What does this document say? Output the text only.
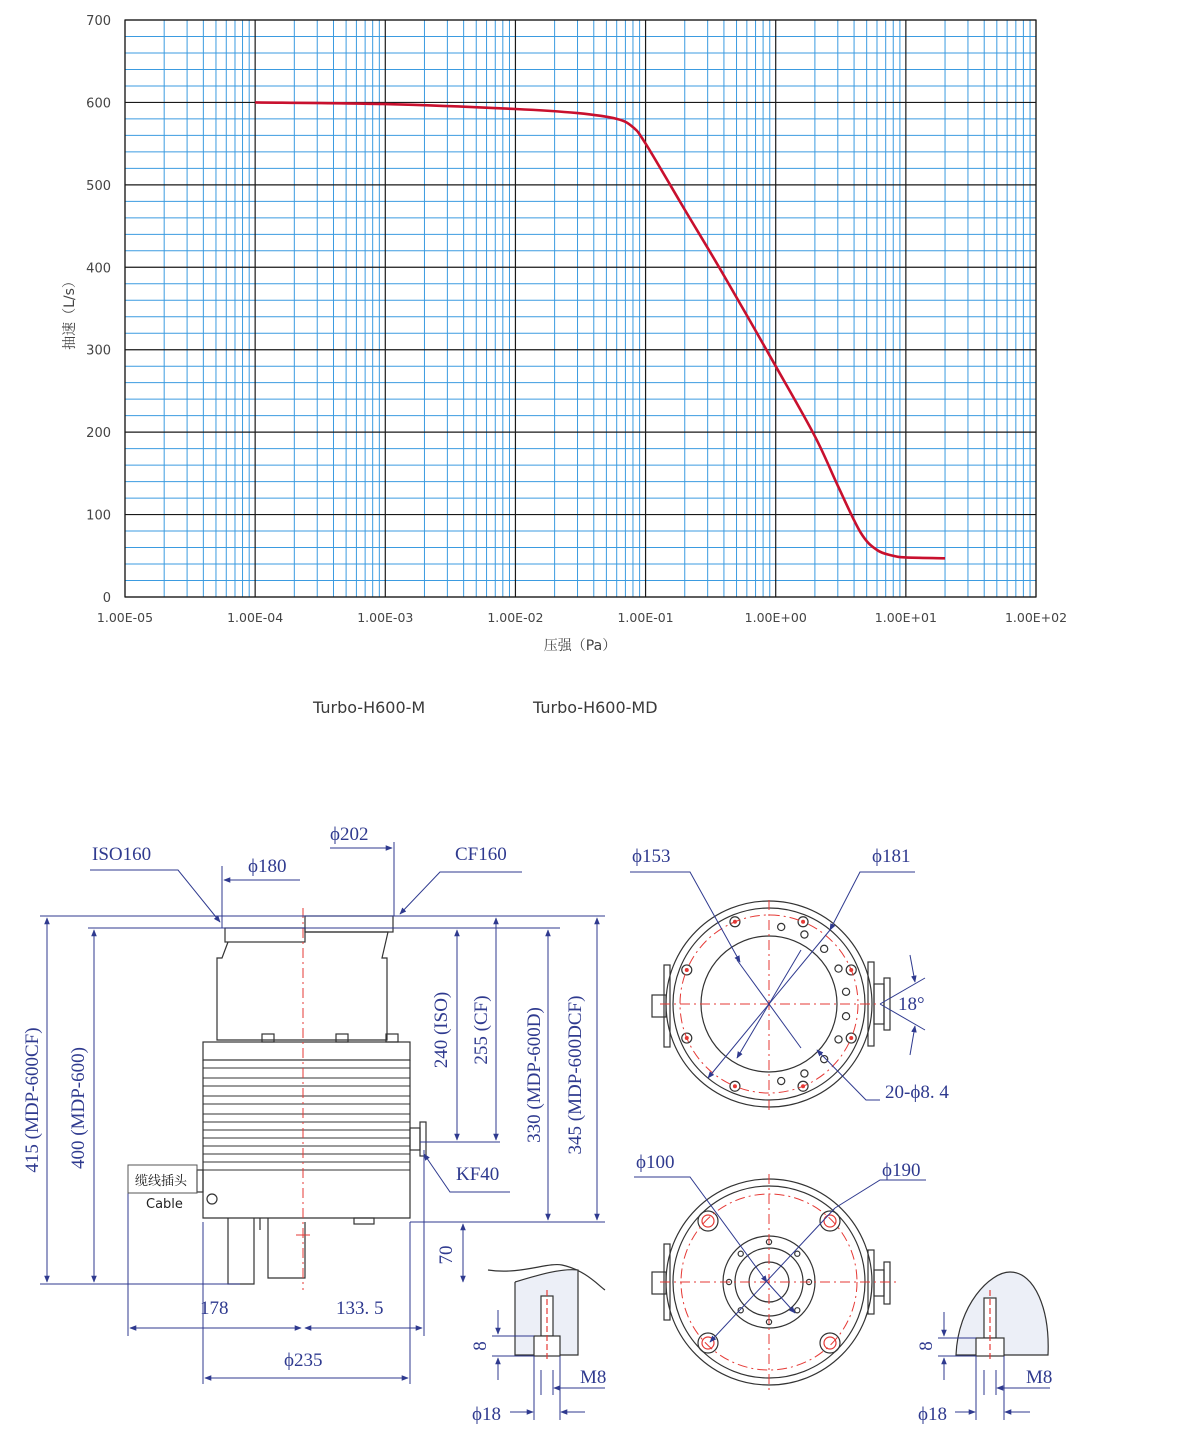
0
100
200
300
400
500
600
700
1.00E-05	1.00E-04	1.00E-03	1.00E-02	1.00E-01	1.00E+00	1.00E+01	1.00E+02
压强（Pa）
抽速（L/s）
Turbo-H600-M	Turbo-H600-MD
ISO160	CF160
ϕ180
ϕ202
415 (MDP-600CF) 400 (MDP-600)
240 (ISO) 255 (CF) 330 (MDP-600D) 345 (MDP-600DCF)
70
KF40
缆线插头
Cable
178	133. 5
ϕ235
ϕ153	ϕ181
18°
20-ϕ8. 4
ϕ100	ϕ190
8
M8
ϕ18
8
M8
ϕ18
